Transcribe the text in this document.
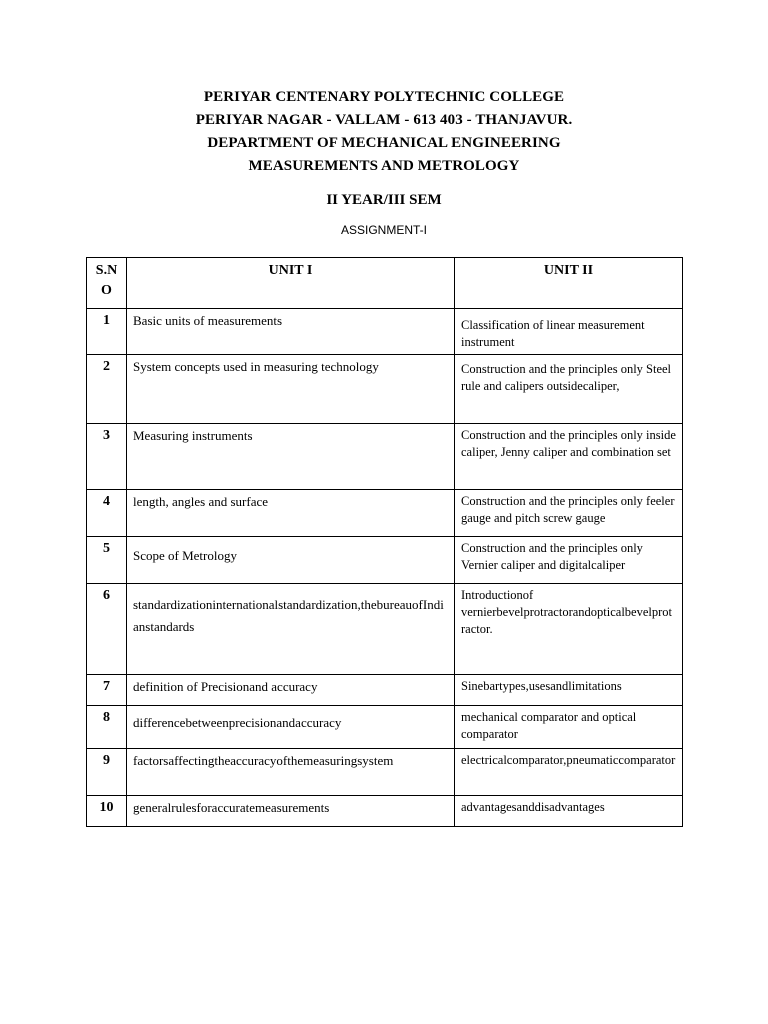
PERIYAR CENTENARY POLYTECHNIC COLLEGE
PERIYAR NAGAR - VALLAM - 613 403 - THANJAVUR.
DEPARTMENT OF MECHANICAL ENGINEERING
MEASUREMENTS AND METROLOGY
II YEAR/III SEM
ASSIGNMENT-I
S.N O	UNIT I	UNIT II
1	Basic units of measurements	Classification of linear measurement instrument
2	System concepts used in measuring technology	Construction and the principles only Steel rule and calipers outsidecaliper,
3	Measuring instruments	Construction and the principles only inside caliper, Jenny caliper and combination set
4	length, angles and surface	Construction and the principles only feeler gauge and pitch screw gauge
5	Scope of Metrology	Construction and the principles only Vernier caliper and digitalcaliper
6	standardizationinternationalstandardization,thebureauofIndianstandards	Introductionof vernierbevelprotractorandopticalbevelprotractor.
7	definition of Precisionand accuracy	Sinebartypes,usesandlimitations
8	differencebetweenprecisionandaccuracy	mechanical comparator and optical comparator
9	factorsaffectingtheaccuracyofthemeasuringsystem	electricalcomparator,pneumaticcomparator
10	generalrulesforaccuratemeasurements	advantagesanddisadvantages
